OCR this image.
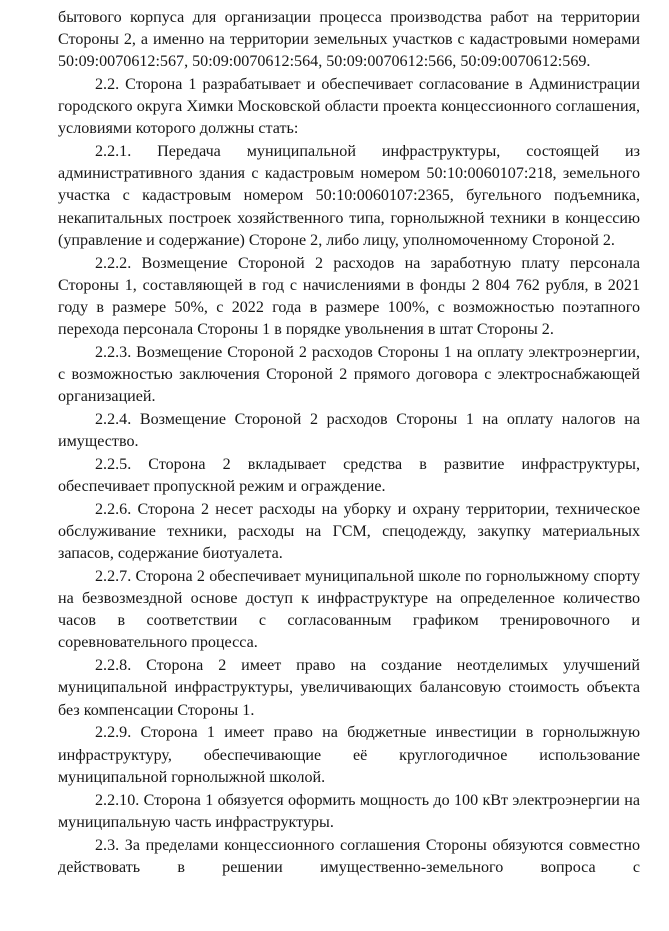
бытового корпуса для организации процесса производства работ на территории Стороны 2, а именно на территории земельных участков с кадастровыми номерами 50:09:0070612:567, 50:09:0070612:564, 50:09:0070612:566, 50:09:0070612:569.

2.2. Сторона 1 разрабатывает и обеспечивает согласование в Администрации городского округа Химки Московской области проекта концессионного соглашения, условиями которого должны стать:

2.2.1. Передача муниципальной инфраструктуры, состоящей из административного здания с кадастровым номером 50:10:0060107:218, земельного участка с кадастровым номером 50:10:0060107:2365, бугельного подъемника, некапитальных построек хозяйственного типа, горнолыжной техники в концессию (управление и содержание) Стороне 2, либо лицу, уполномоченному Стороной 2.

2.2.2. Возмещение Стороной 2 расходов на заработную плату персонала Стороны 1, составляющей в год с начислениями в фонды 2 804 762 рубля, в 2021 году в размере 50%, с 2022 года в размере 100%, с возможностью поэтапного перехода персонала Стороны 1 в порядке увольнения в штат Стороны 2.

2.2.3. Возмещение Стороной 2 расходов Стороны 1 на оплату электроэнергии, с возможностью заключения Стороной 2 прямого договора с электроснабжающей организацией.

2.2.4. Возмещение Стороной 2 расходов Стороны 1 на оплату налогов на имущество.

2.2.5. Сторона 2 вкладывает средства в развитие инфраструктуры, обеспечивает пропускной режим и ограждение.

2.2.6. Сторона 2 несет расходы на уборку и охрану территории, техническое обслуживание техники, расходы на ГСМ, спецодежду, закупку материальных запасов, содержание биотуалета.

2.2.7. Сторона 2 обеспечивает муниципальной школе по горнолыжному спорту на безвозмездной основе доступ к инфраструктуре на определенное количество часов в соответствии с согласованным графиком тренировочного и соревновательного процесса.

2.2.8. Сторона 2 имеет право на создание неотделимых улучшений муниципальной инфраструктуры, увеличивающих балансовую стоимость объекта без компенсации Стороны 1.

2.2.9. Сторона 1 имеет право на бюджетные инвестиции в горнолыжную инфраструктуру, обеспечивающие её круглогодичное использование муниципальной горнолыжной школой.

2.2.10. Сторона 1 обязуется оформить мощность до 100 кВт электроэнергии на муниципальную часть инфраструктуры.

2.3. За пределами концессионного соглашения Стороны обязуются совместно действовать в решении имущественно-земельного вопроса с
